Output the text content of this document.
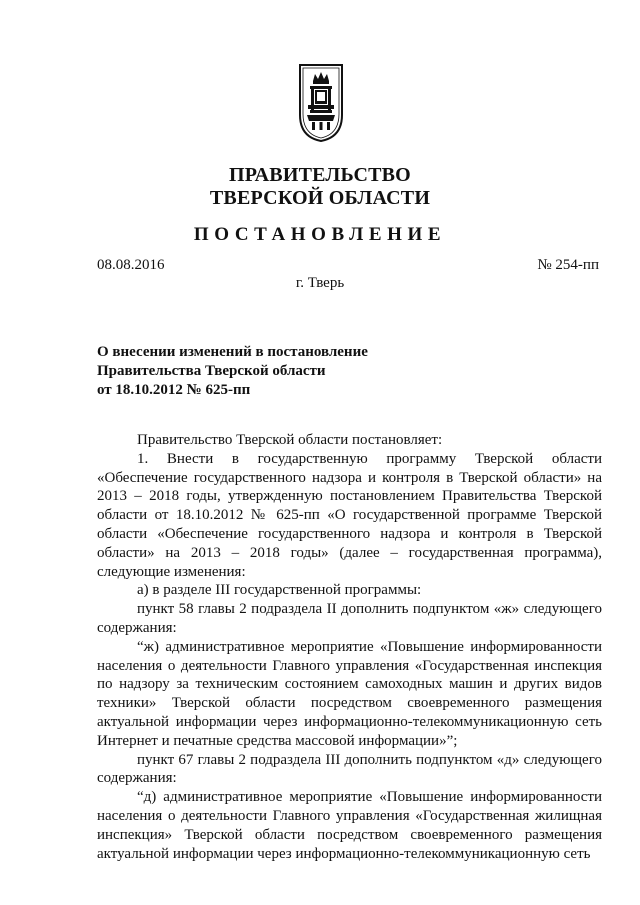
ПРАВИТЕЛЬСТВО
ТВЕРСКОЙ ОБЛАСТИ
ПОСТАНОВЛЕНИЕ
08.08.2016	№ 254-пп
г. Тверь
О внесении изменений в постановление
Правительства Тверской области
от 18.10.2012 № 625-пп

Правительство Тверской области постановляет:

1. Внести в государственную программу Тверской области «Обеспечение государственного надзора и контроля в Тверской области» на 2013 – 2018 годы, утвержденную постановлением Правительства Тверской области от 18.10.2012 № 625-пп «О государственной программе Тверской области «Обеспечение государственного надзора и контроля в Тверской области» на 2013 – 2018 годы» (далее – государственная программа), следующие изменения:

а) в разделе III государственной программы:

пункт 58 главы 2 подраздела II дополнить подпунктом «ж» следующего содержания:

“ж) административное мероприятие «Повышение информированности населения о деятельности Главного управления «Государственная инспекция по надзору за техническим состоянием самоходных машин и других видов техники» Тверской области посредством своевременного размещения актуальной информации через информационно-телекоммуникационную сеть Интернет и печатные средства массовой информации»”;

пункт 67 главы 2 подраздела III дополнить подпунктом «д» следующего содержания:

“д) административное мероприятие «Повышение информированности населения о деятельности Главного управления «Государственная жилищная инспекция» Тверской области посредством своевременного размещения актуальной информации через информационно-телекоммуникационную сеть
